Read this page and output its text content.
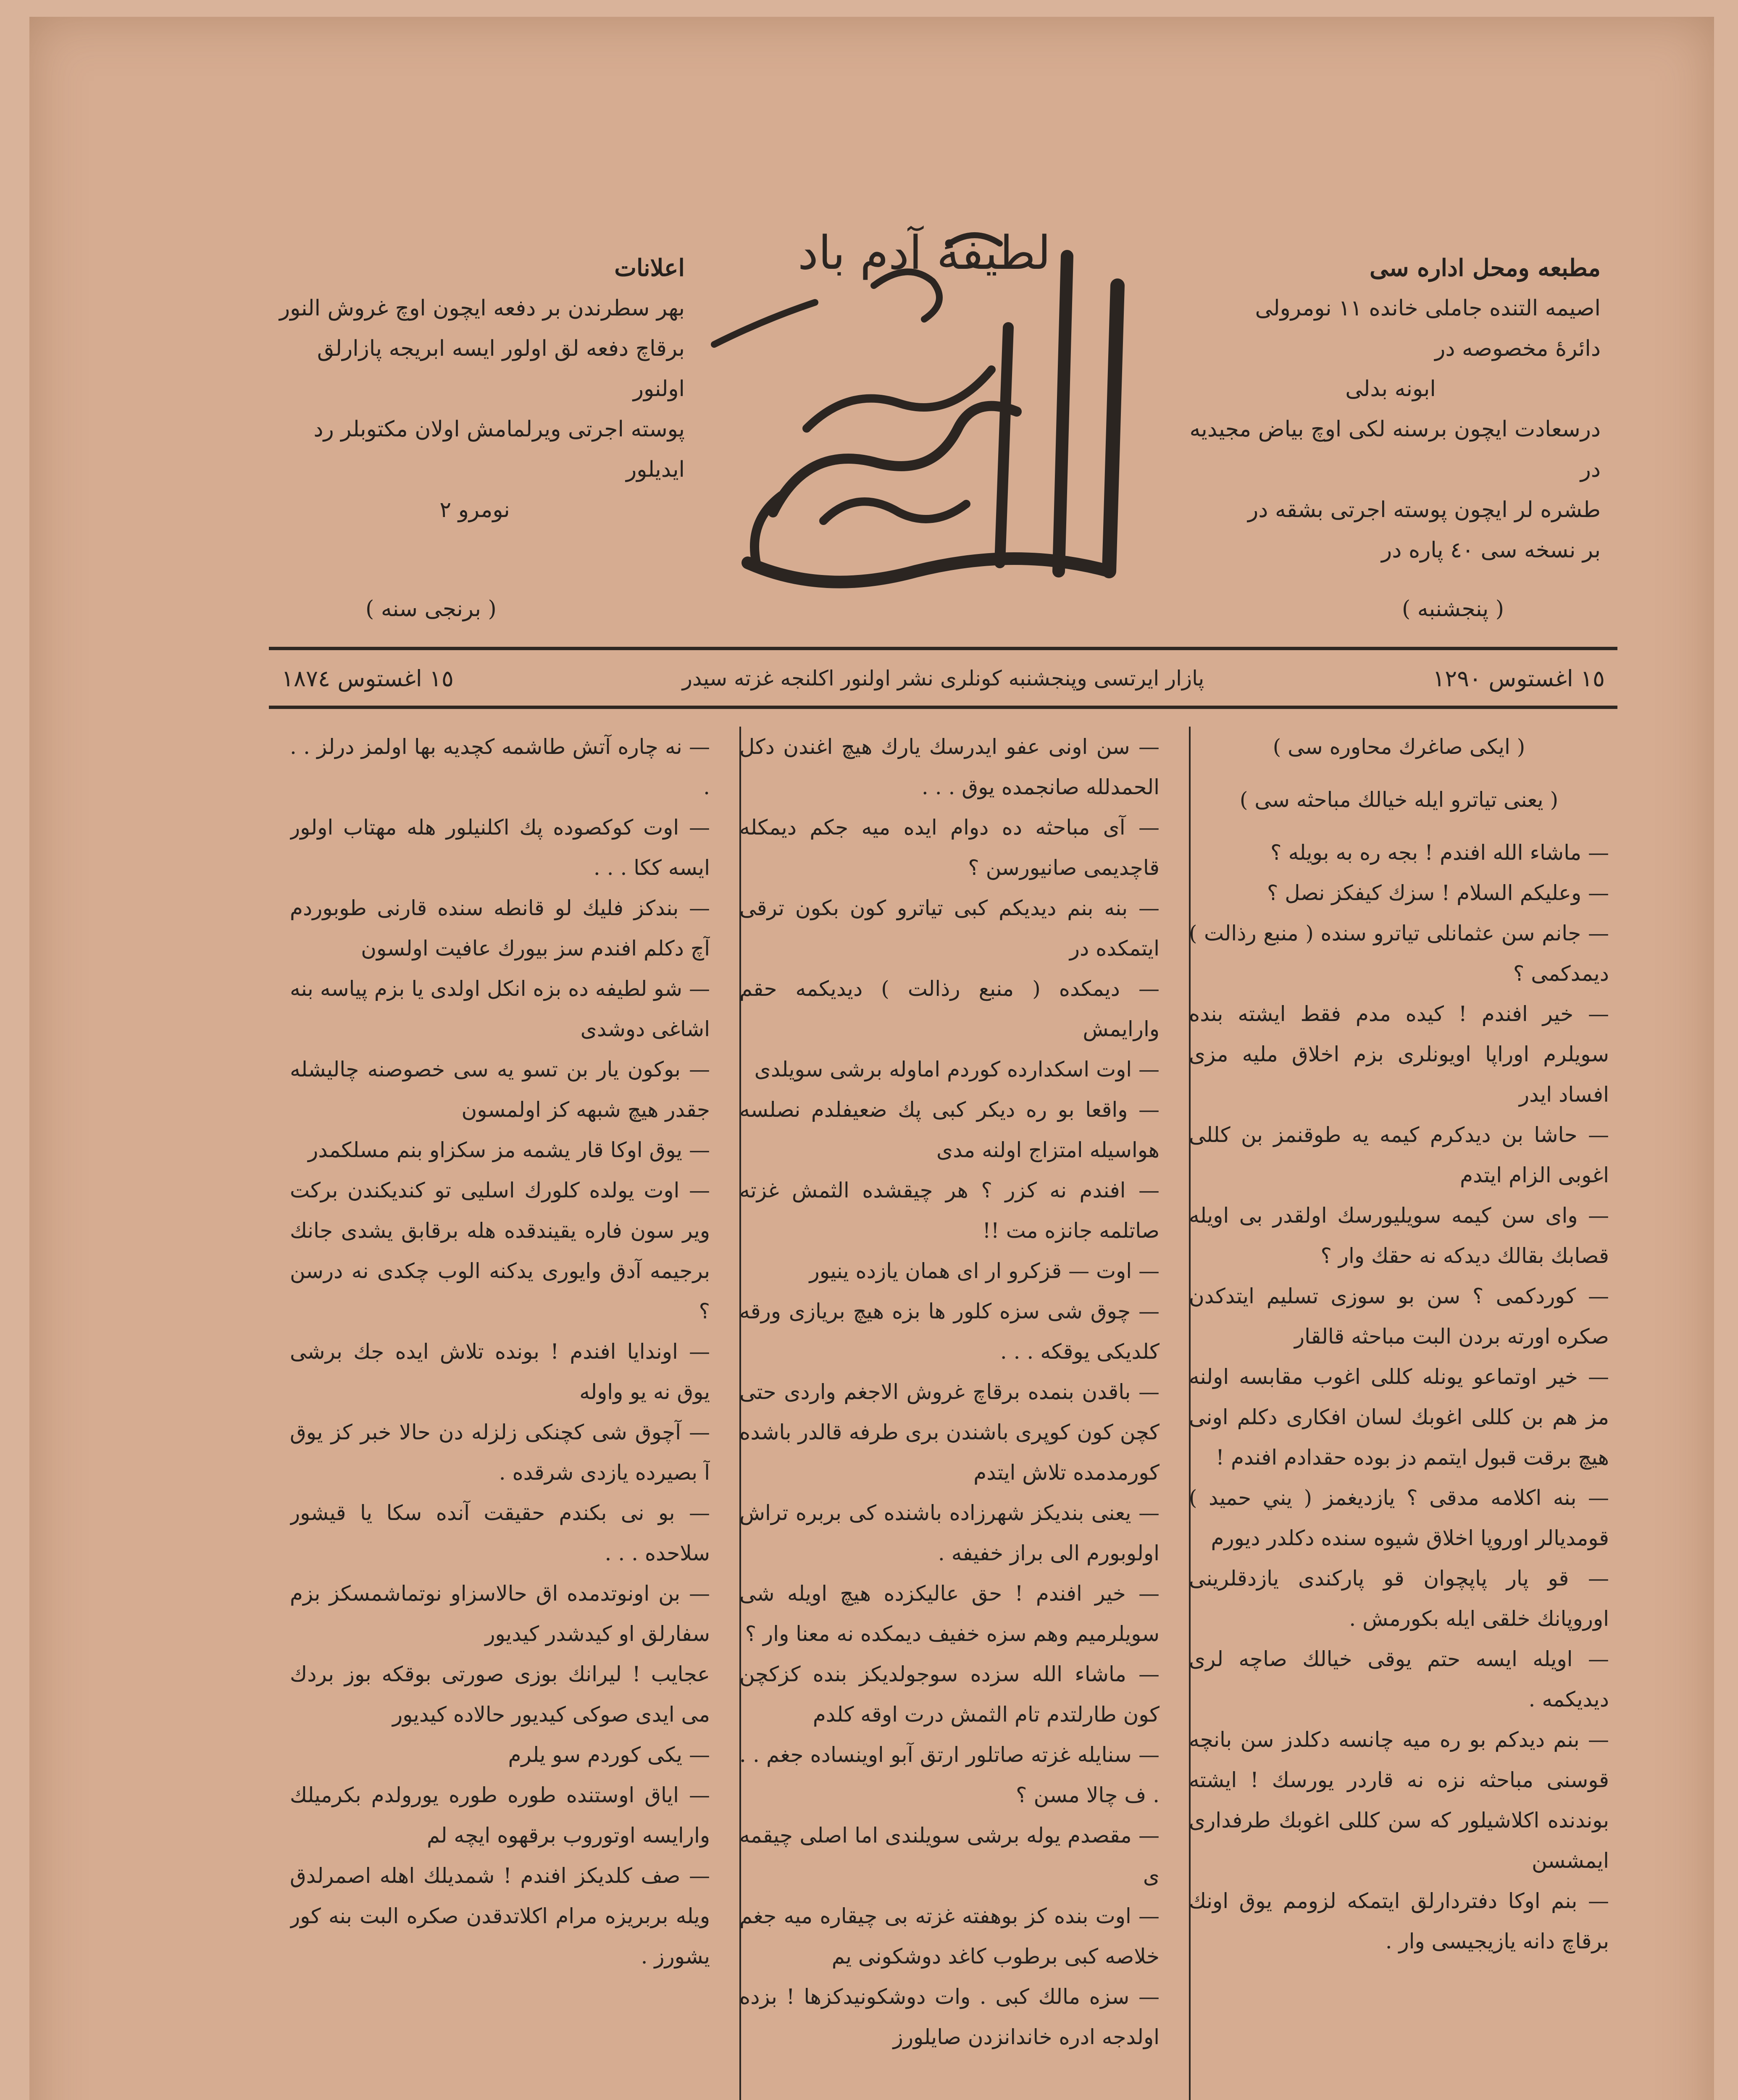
مطبعه ومحل اداره سى
اصيمه التنده جاملى خانده ١١ نومرولى
دائرهٔ مخصوصه در
ابونه بدلى
درسعادت ايچون برسنه لكى اوچ بياض مجيديه در
طشره لر ايچون پوسته اجرتى بشقه در
بر نسخه سى ٤٠ پاره در
( پنجشنبه )
لطيفهٔ آدم باد
اعلانات
بهر سطرندن بر دفعه ايچون اوچ غروش النور
برقاچ دفعه لق اولور ايسه ابريجه پازارلق اولنور
پوسته اجرتى ويرلمامش اولان مكتوبلر رد ايديلور
نومرو ٢
( برنجى سنه )
١٥ اغستوس ١٢٩٠
پازار ايرتسى وپنجشنبه كونلرى نشر اولنور اكلنجه غزته سيدر
١٥ اغستوس ١٨٧٤

( ايكى صاغرك محاوره سى )

( يعنى تياترو ايله خيالك مباحثه سى )

— ماشاء الله افندم ! بجه ره به بويله ؟

— وعليكم السلام ! سزك كيفكز نصل ؟

— جانم سن عثمانلى تياترو سنده ( منبع رذالت ) ديمدكمى ؟

— خير افندم ! كيده مدم فقط ايشته بنده سويلرم اوراپا اويونلرى بزم اخلاق مليه مزى افساد ايدر

— حاشا بن ديدكرم كيمه يه طوقنمز بن كللى اغوبى الزام ايتدم

— واى سن كيمه سويليورسك اولقدر بى اويله قصابك بقالك ديدكه نه حقك وار ؟

— كوردكمى ؟ سن بو سوزى تسليم ايتدكدن صكره اورته بردن البت مباحثه قالقار

— خير اوتماعو يونله كللى اغوب مقابسه اولنه مز هم بن كللى اغوبك لسان افكارى دكلم اونى هيچ برقت قبول ايتمم دز بوده حقدادم افندم !

— بنه اكلامه مدقى ؟ يازديغمز ( يني حميد ) قومديالر اوروپا اخلاق شيوه سنده دكلدر ديورم

— قو پار پاپچوان قو پاركندى يازدقلرينى اوروپانك خلقى ايله بكورمش .

— اويله ايسه حتم يوقى خيالك صاچه لرى ديديكمه .

— بنم ديدكم بو ره ميه چانسه دكلدز سن بانچه قوسنى مباحثه نزه نه قاردر يورسك ! ايشته بوندنده اكلاشيلور كه سن كللى اغوبك طرفدارى ايمشسن

— بنم اوكا دفتردارلق ايتمكه لزومم يوق اونك برقاچ دانه يازيجيسى وار .

— سن اونى عفو ايدرسك يارك هيچ اغندن دكل الحمدلله صانجمده يوق . . .

— آى مباحثه ده دوام ايده ميه جكم ديمكله قاچديمى صانيورسن ؟

— بنه بنم ديديكم كبى تياترو كون بكون ترقى ايتمكده در

— ديمكده ( منبع رذالت ) ديديكمه حقم وارايمش

— اوت اسكدارده كوردم اماوله برشى سويلدى

— واقعا بو ره ديكر كبى پك ضعيفلدم نصلسه هواسيله امتزاج اولنه مدى

— افندم نه كزر ؟ هر چيقشده الثمش غزته صاتلمه جانزه مت !!

— اوت — قزكرو ار اى همان يازده ينيور

— چوق شى سزه كلور ها بزه هيچ بريازى ورقه كلديكى يوقكه . . .

— باقدن بنمده برقاچ غروش الاجغم واردى حتى كچن كون كوپرى باشندن برى طرفه قالدر باشده كورمدمده تلاش ايتدم

— يعنى بنديكز شهرزاده باشنده كى بربره تراش اولوبورم الى براز خفيفه .

— خير افندم ! حق عاليكزده هيچ اويله شى سويلرميم وهم سزه خفيف ديمكده نه معنا وار ؟

— ماشاء الله سزده سوجولديكز بنده كزكچن كون طارلتدم تام الثمش درت اوقه كلدم

— سنايله غزته صاتلور ارتق آبو اوينساده جغم . . . ف چالا مسن ؟

— مقصدم يوله برشى سويلندى اما اصلى چيقمه ى

— اوت بنده كز بوهفته غزته بى چيقاره ميه جغم خلاصه كبى برطوب كاغد دوشكونى يم

— سزه مالك كبى . وات دوشكونيدكزها ! بزده اولدجه ادره خاندانزدن صايلورز

— نه چاره آتش طاشمه كچديه بها اولمز درلز . . .

— اوت كوكصوده پك اكلنيلور هله مهتاب اولور ايسه ككا . . .

— بندكز فليك لو قانطه سنده قارنى طوبوردم آچ دكلم افندم سز بيورك عافيت اولسون

— شو لطيفه ده بزه انكل اولدى يا بزم پياسه بنه اشاغى دوشدى

— بوكون يار بن تسو يه سى خصوصنه چاليشله جقدر هيچ شبهه كز اولمسون

— يوق اوكا قار يشمه مز سكزاو بنم مسلكمدر

— اوت يولده كلورك اسليى تو كنديكندن بركت وير سون فاره يقيندقده هله برقابق يشدى جانك برجيمه آدق وايورى يدكنه الوب چكدى نه درسن ؟

— اوندايا افندم ! بونده تلاش ايده جك برشى يوق نه يو واوله

— آچوق شى كچنكى زلزله دن حالا خبر كز يوق آ بصيرده يازدى شرقده .

— بو نى بكندم حقيقت آنده سكا يا قيشور سلاحده . . .

— بن اونوتدمده اق حالاسزاو نوتماشمسكز بزم سفارلق او كيدشدر كيديور

عجايب ! ليرانك بوزى صورتى بوقكه بوز بردك مى ايدى صوكى كيديور حالاده كيديور

— يكى كوردم سو يلرم

— اياق اوستنده طوره طوره يورولدم بكرميلك وارايسه اوتوروب برقهوه ايچه لم

— صف كلديكز افندم ! شمديلك اهله اصمرلدق ويله بربريزه مرام اكلاتدقدن صكره البت بنه كور يشورز .
